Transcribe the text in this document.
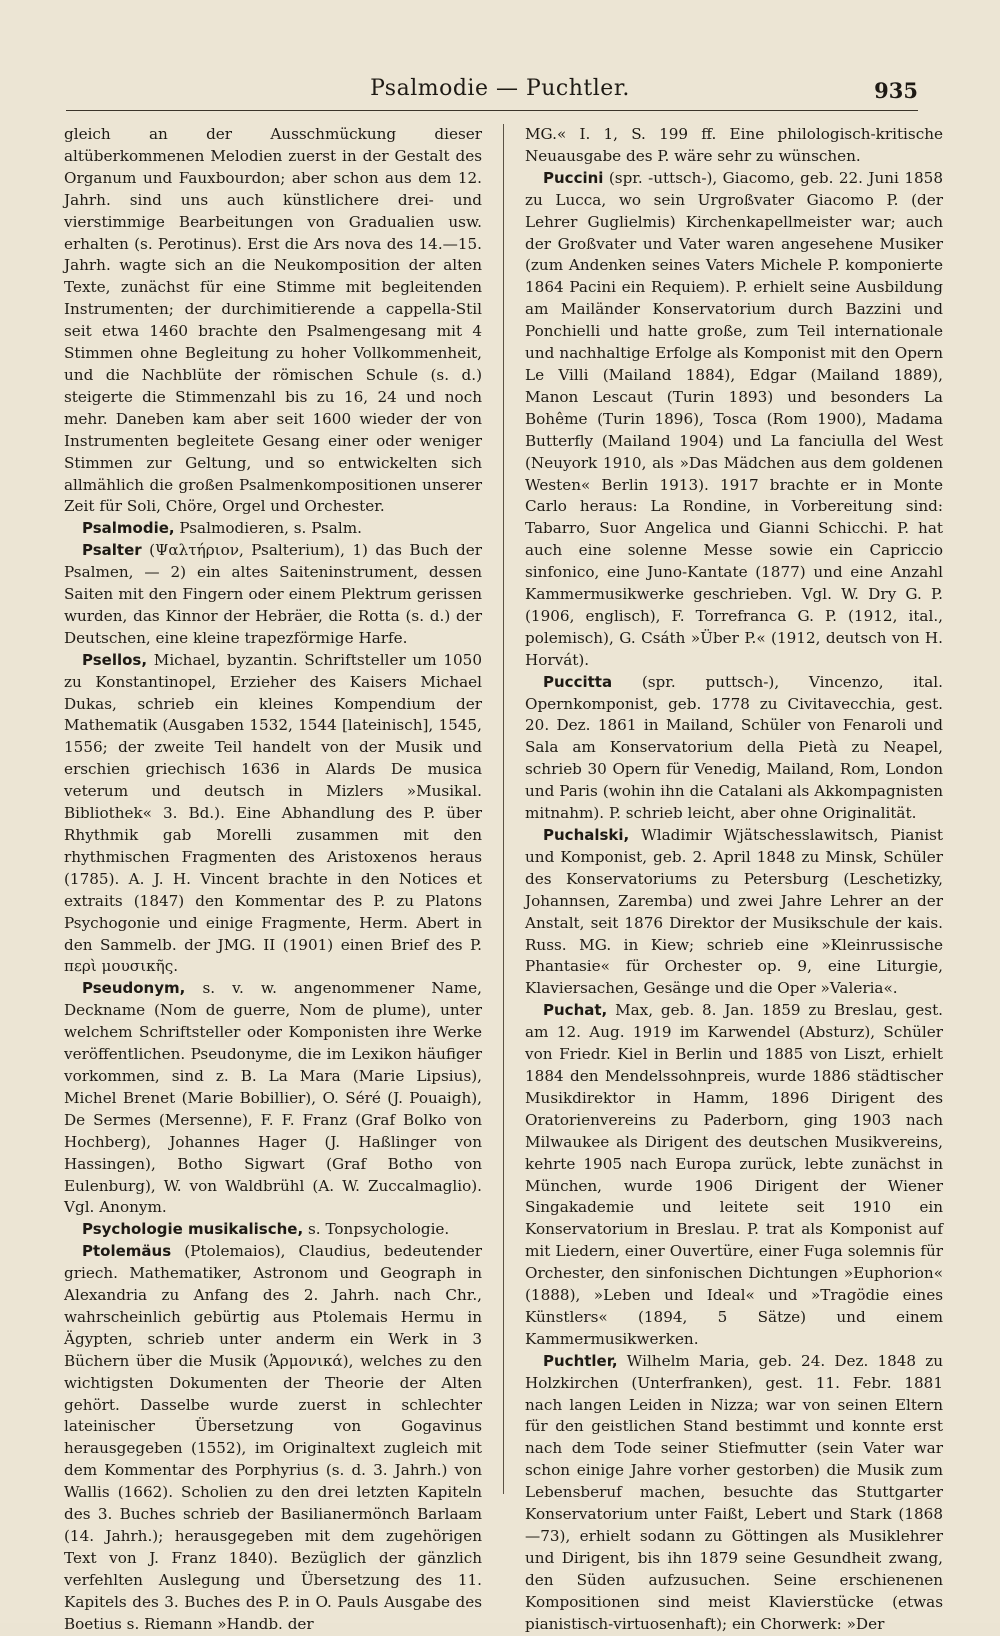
Psalmodie — Puchtler.	935

gleich an der Ausschmückung dieser altüberkommenen Melodien zuerst in der Gestalt des Organum und Fauxbourdon; aber schon aus dem 12. Jahrh. sind uns auch künstlichere drei- und vierstimmige Bearbeitungen von Gradualien usw. erhalten (s. Perotinus). Erst die Ars nova des 14.—15. Jahrh. wagte sich an die Neukomposition der alten Texte, zunächst für eine Stimme mit begleitenden Instrumenten; der durchimitierende a cappella-Stil seit etwa 1460 brachte den Psalmengesang mit 4 Stimmen ohne Begleitung zu hoher Vollkommenheit, und die Nachblüte der römischen Schule (s. d.) steigerte die Stimmenzahl bis zu 16, 24 und noch mehr. Daneben kam aber seit 1600 wieder der von Instrumenten begleitete Gesang einer oder weniger Stimmen zur Geltung, und so entwickelten sich allmählich die großen Psalmenkompositionen unserer Zeit für Soli, Chöre, Orgel und Orchester.

Psalmodie, Psalmodieren, s. Psalm.

Psalter (Ψαλτήριον, Psalterium), 1) das Buch der Psalmen, — 2) ein altes Saiteninstrument, dessen Saiten mit den Fingern oder einem Plektrum gerissen wurden, das Kinnor der Hebräer, die Rotta (s. d.) der Deutschen, eine kleine trapezförmige Harfe.

Psellos, Michael, byzantin. Schriftsteller um 1050 zu Konstantinopel, Erzieher des Kaisers Michael Dukas, schrieb ein kleines Kompendium der Mathematik (Ausgaben 1532, 1544 [lateinisch], 1545, 1556; der zweite Teil handelt von der Musik und erschien griechisch 1636 in Alards De musica veterum und deutsch in Mizlers »Musikal. Bibliothek« 3. Bd.). Eine Abhandlung des P. über Rhythmik gab Morelli zusammen mit den rhythmischen Fragmenten des Aristoxenos heraus (1785). A. J. H. Vincent brachte in den Notices et extraits (1847) den Kommentar des P. zu Platons Psychogonie und einige Fragmente, Herm. Abert in den Sammelb. der JMG. II (1901) einen Brief des P. περὶ μουσικῆς.

Pseudonym, s. v. w. angenommener Name, Deckname (Nom de guerre, Nom de plume), unter welchem Schriftsteller oder Komponisten ihre Werke veröffentlichen. Pseudonyme, die im Lexikon häufiger vorkommen, sind z. B. La Mara (Marie Lipsius), Michel Brenet (Marie Bobillier), O. Séré (J. Pouaigh), De Sermes (Mersenne), F. F. Franz (Graf Bolko von Hochberg), Johannes Hager (J. Haßlinger von Hassingen), Botho Sigwart (Graf Botho von Eulenburg), W. von Waldbrühl (A. W. Zuccalmaglio). Vgl. Anonym.

Psychologie musikalische, s. Tonpsychologie.

Ptolemäus (Ptolemaios), Claudius, bedeutender griech. Mathematiker, Astronom und Geograph in Alexandria zu Anfang des 2. Jahrh. nach Chr., wahrscheinlich gebürtig aus Ptolemais Hermu in Ägypten, schrieb unter anderm ein Werk in 3 Büchern über die Musik (Ἁρμονικά), welches zu den wichtigsten Dokumenten der Theorie der Alten gehört. Dasselbe wurde zuerst in schlechter lateinischer Übersetzung von Gogavinus herausgegeben (1552), im Originaltext zugleich mit dem Kommentar des Porphyrius (s. d. 3. Jahrh.) von Wallis (1662). Scholien zu den drei letzten Kapiteln des 3. Buches schrieb der Basilianermönch Barlaam (14. Jahrh.); herausgegeben mit dem zugehörigen Text von J. Franz 1840). Bezüglich der gänzlich verfehlten Auslegung und Übersetzung des 11. Kapitels des 3. Buches des P. in O. Pauls Ausgabe des Boetius s. Riemann »Handb. der

MG.« I. 1, S. 199 ff. Eine philologisch-kritische Neuausgabe des P. wäre sehr zu wünschen.

Puccini (spr. -uttsch-), Giacomo, geb. 22. Juni 1858 zu Lucca, wo sein Urgroßvater Giacomo P. (der Lehrer Guglielmis) Kirchenkapellmeister war; auch der Großvater und Vater waren angesehene Musiker (zum Andenken seines Vaters Michele P. komponierte 1864 Pacini ein Requiem). P. erhielt seine Ausbildung am Mailänder Konservatorium durch Bazzini und Ponchielli und hatte große, zum Teil internationale und nachhaltige Erfolge als Komponist mit den Opern Le Villi (Mailand 1884), Edgar (Mailand 1889), Manon Lescaut (Turin 1893) und besonders La Bohême (Turin 1896), Tosca (Rom 1900), Madama Butterfly (Mailand 1904) und La fanciulla del West (Neuyork 1910, als »Das Mädchen aus dem goldenen Westen« Berlin 1913). 1917 brachte er in Monte Carlo heraus: La Rondine, in Vorbereitung sind: Tabarro, Suor Angelica und Gianni Schicchi. P. hat auch eine solenne Messe sowie ein Capriccio sinfonico, eine Juno-Kantate (1877) und eine Anzahl Kammermusikwerke geschrieben. Vgl. W. Dry G. P. (1906, englisch), F. Torrefranca G. P. (1912, ital., polemisch), G. Csáth »Über P.« (1912, deutsch von H. Horvát).

Puccitta (spr. puttsch-), Vincenzo, ital. Opernkomponist, geb. 1778 zu Civitavecchia, gest. 20. Dez. 1861 in Mailand, Schüler von Fenaroli und Sala am Konservatorium della Pietà zu Neapel, schrieb 30 Opern für Venedig, Mailand, Rom, London und Paris (wohin ihn die Catalani als Akkompagnisten mitnahm). P. schrieb leicht, aber ohne Originalität.

Puchalski, Wladimir Wjätschesslawitsch, Pianist und Komponist, geb. 2. April 1848 zu Minsk, Schüler des Konservatoriums zu Petersburg (Leschetizky, Johannsen, Zaremba) und zwei Jahre Lehrer an der Anstalt, seit 1876 Direktor der Musikschule der kais. Russ. MG. in Kiew; schrieb eine »Kleinrussische Phantasie« für Orchester op. 9, eine Liturgie, Klaviersachen, Gesänge und die Oper »Valeria«.

Puchat, Max, geb. 8. Jan. 1859 zu Breslau, gest. am 12. Aug. 1919 im Karwendel (Absturz), Schüler von Friedr. Kiel in Berlin und 1885 von Liszt, erhielt 1884 den Mendelssohnpreis, wurde 1886 städtischer Musikdirektor in Hamm, 1896 Dirigent des Oratorienvereins zu Paderborn, ging 1903 nach Milwaukee als Dirigent des deutschen Musikvereins, kehrte 1905 nach Europa zurück, lebte zunächst in München, wurde 1906 Dirigent der Wiener Singakademie und leitete seit 1910 ein Konservatorium in Breslau. P. trat als Komponist auf mit Liedern, einer Ouvertüre, einer Fuga solemnis für Orchester, den sinfonischen Dichtungen »Euphorion« (1888), »Leben und Ideal« und »Tragödie eines Künstlers« (1894, 5 Sätze) und einem Kammermusikwerken.

Puchtler, Wilhelm Maria, geb. 24. Dez. 1848 zu Holzkirchen (Unterfranken), gest. 11. Febr. 1881 nach langen Leiden in Nizza; war von seinen Eltern für den geistlichen Stand bestimmt und konnte erst nach dem Tode seiner Stiefmutter (sein Vater war schon einige Jahre vorher gestorben) die Musik zum Lebensberuf machen, besuchte das Stuttgarter Konservatorium unter Faißt, Lebert und Stark (1868—73), erhielt sodann zu Göttingen als Musiklehrer und Dirigent, bis ihn 1879 seine Gesundheit zwang, den Süden aufzusuchen. Seine erschienenen Kompositionen sind meist Klavierstücke (etwas pianistisch-virtuosenhaft); ein Chorwerk: »Der
